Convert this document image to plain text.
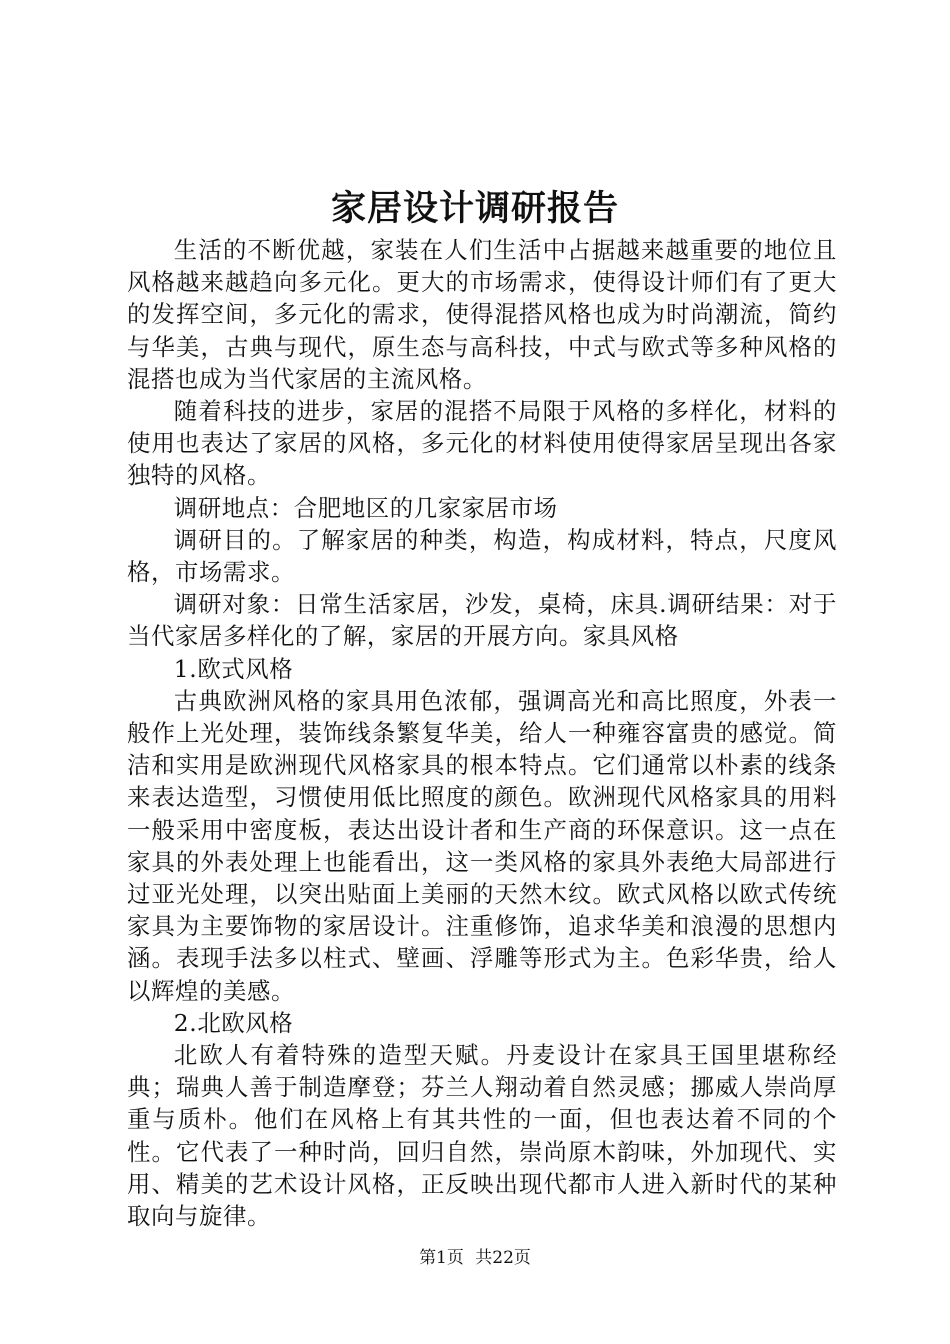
家居设计调研报告

生活的不断优越，家装在人们生活中占据越来越重要的地位且风格越来越趋向多元化。更大的市场需求，使得设计师们有了更大的发挥空间，多元化的需求，使得混搭风格也成为时尚潮流，简约与华美，古典与现代，原生态与高科技，中式与欧式等多种风格的混搭也成为当代家居的主流风格。

随着科技的进步，家居的混搭不局限于风格的多样化，材料的使用也表达了家居的风格，多元化的材料使用使得家居呈现出各家独特的风格。

调研地点：合肥地区的几家家居市场

调研目的。了解家居的种类，构造，构成材料，特点，尺度风格，市场需求。

调研对象：日常生活家居，沙发，桌椅，床具.调研结果：对于当代家居多样化的了解，家居的开展方向。家具风格

1.欧式风格

古典欧洲风格的家具用色浓郁，强调高光和高比照度，外表一般作上光处理，装饰线条繁复华美，给人一种雍容富贵的感觉。简洁和实用是欧洲现代风格家具的根本特点。它们通常以朴素的线条来表达造型，习惯使用低比照度的颜色。欧洲现代风格家具的用料一般采用中密度板，表达出设计者和生产商的环保意识。这一点在家具的外表处理上也能看出，这一类风格的家具外表绝大局部进行过亚光处理，以突出贴面上美丽的天然木纹。欧式风格以欧式传统家具为主要饰物的家居设计。注重修饰，追求华美和浪漫的思想内涵。表现手法多以柱式、壁画、浮雕等形式为主。色彩华贵，给人以辉煌的美感。

2.北欧风格

北欧人有着特殊的造型天赋。丹麦设计在家具王国里堪称经典；瑞典人善于制造摩登；芬兰人翔动着自然灵感；挪威人崇尚厚重与质朴。他们在风格上有其共性的一面，但也表达着不同的个性。它代表了一种时尚，回归自然，崇尚原木韵味，外加现代、实用、精美的艺术设计风格，正反映出现代都市人进入新时代的某种取向与旋律。

第1页 共22页
